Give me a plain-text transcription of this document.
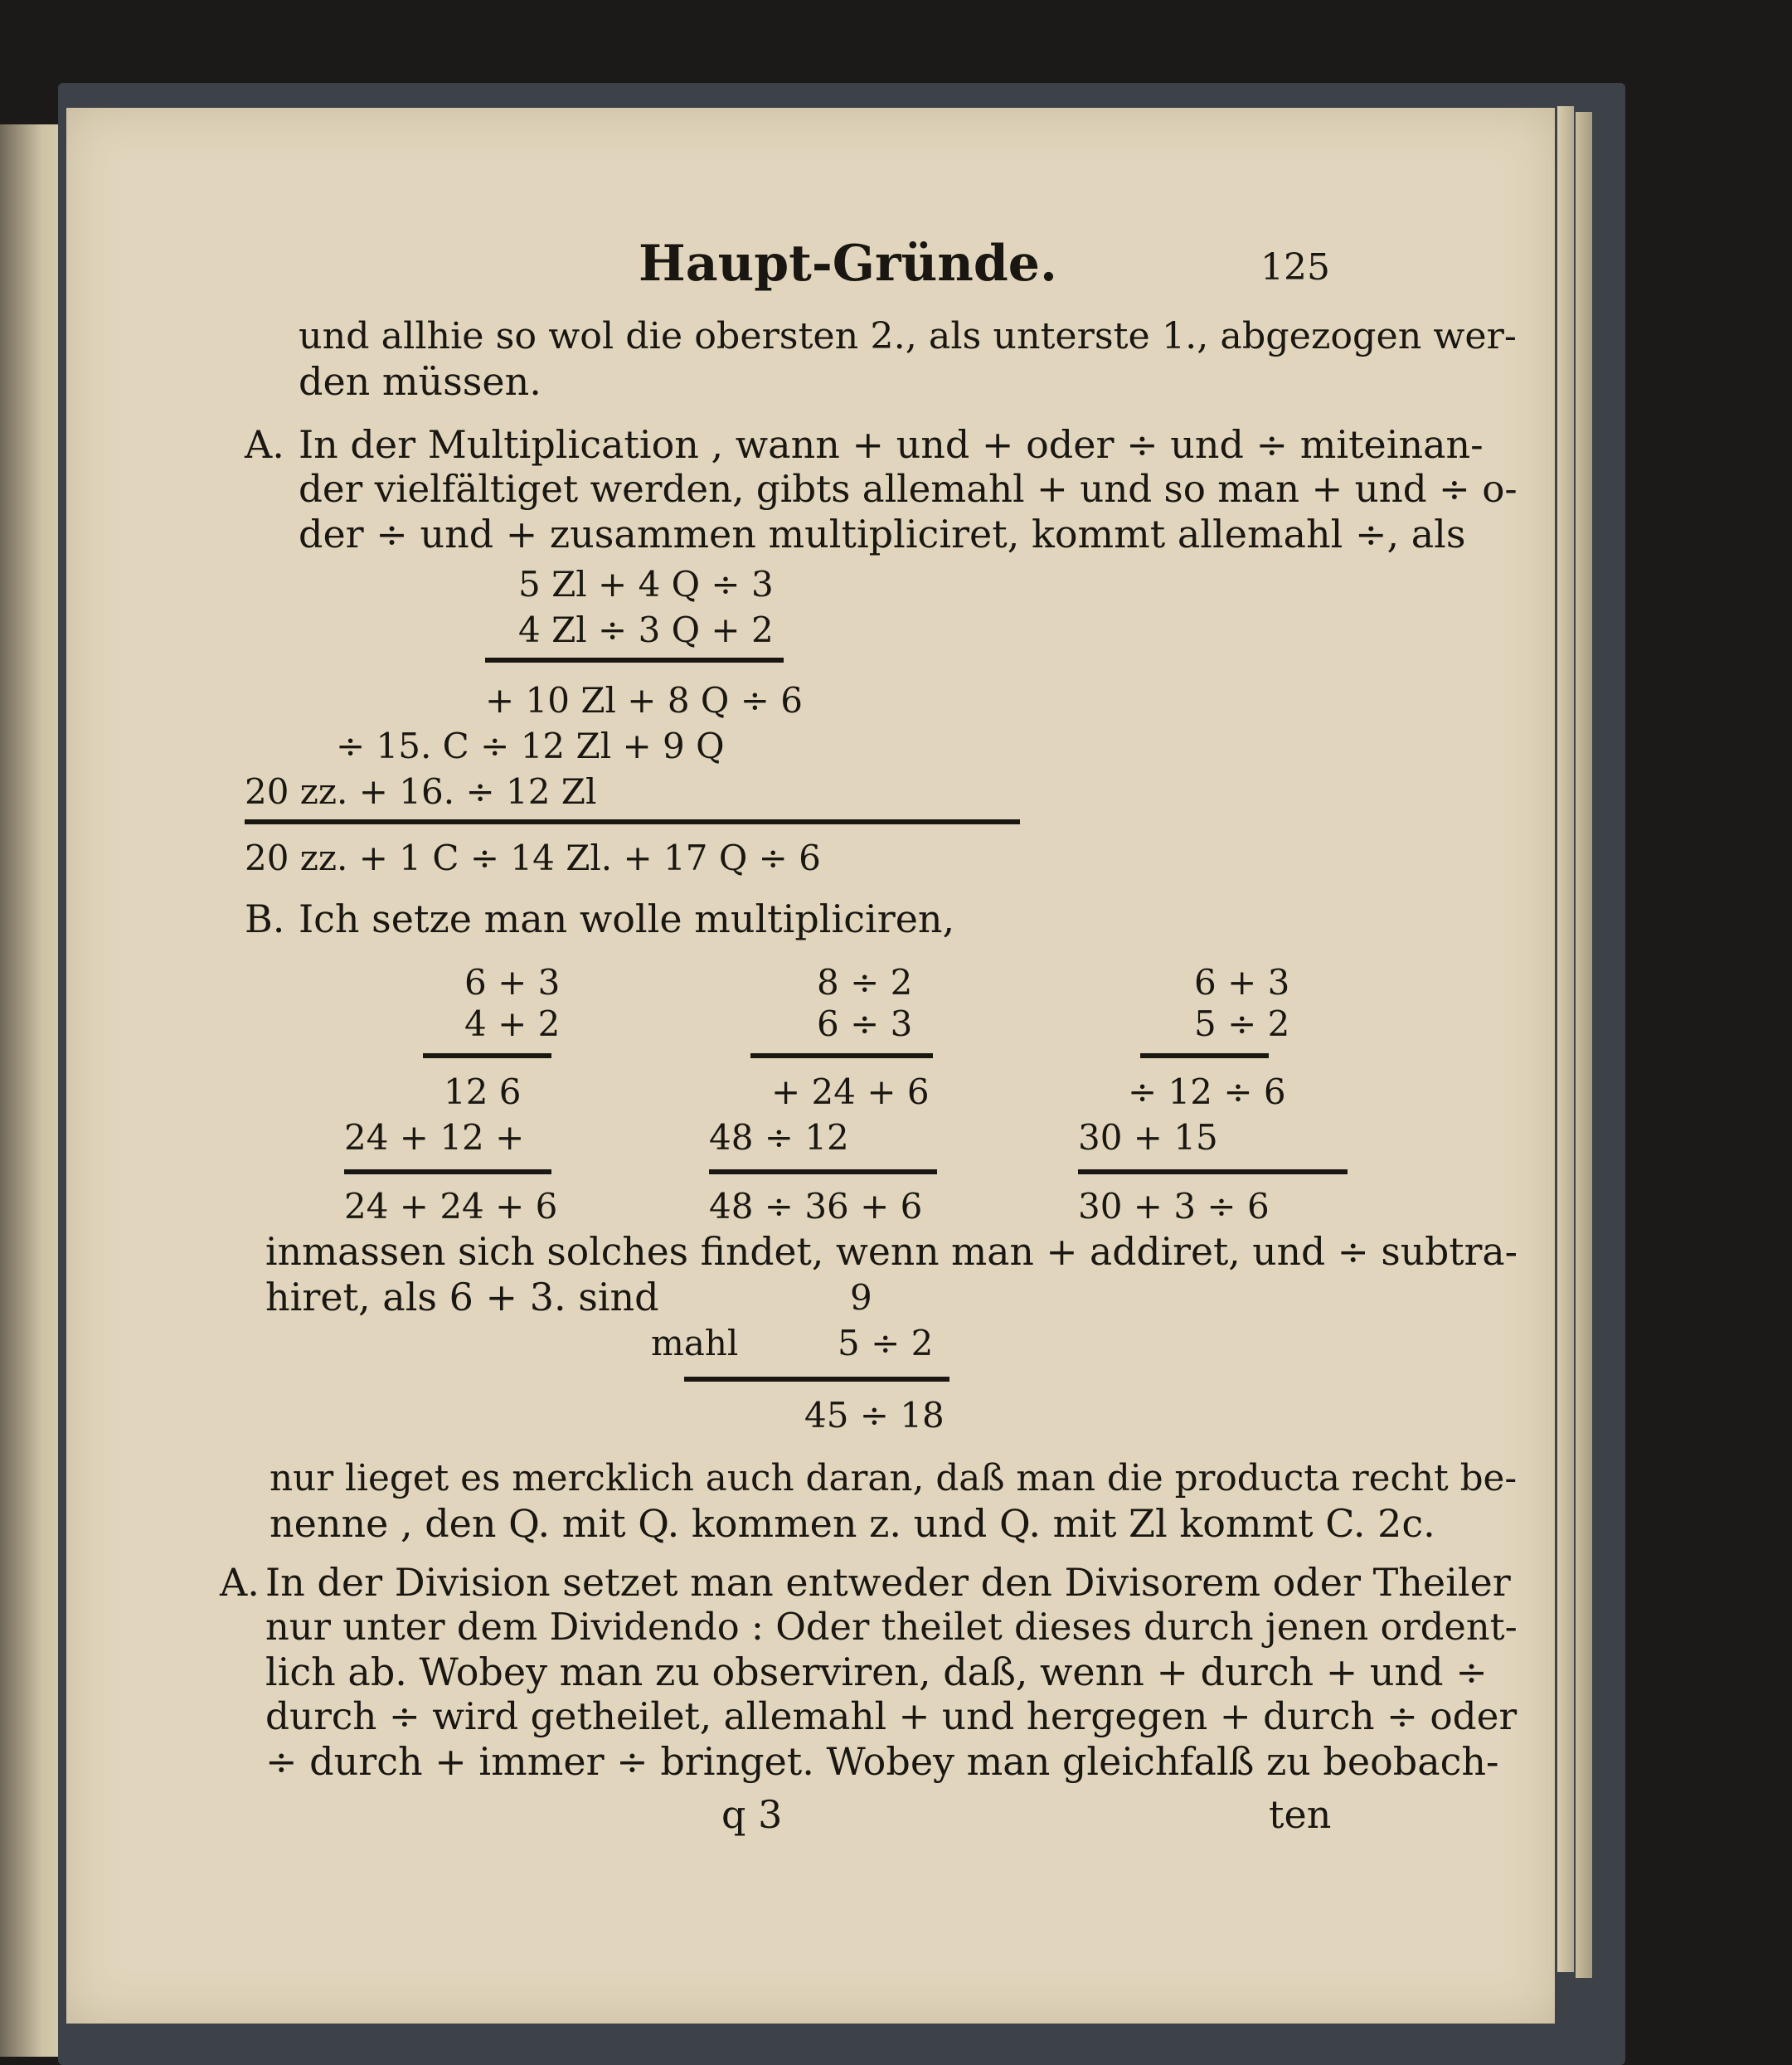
Haupt-Gründe.	125
und allhie so wol die obersten 2., als unterste 1., abgezogen wer-
den müssen.
A. In der Multiplication , wann + und + oder ÷ und ÷ miteinan-
der vielfältiget werden, gibts allemahl + und so man + und ÷ o-
der ÷ und + zusammen multipliciret, kommt allemahl ÷, als
5 Zl + 4 Q ÷ 3
4 Zl ÷ 3 Q + 2
+ 10 Zl + 8 Q ÷ 6
÷ 15. C ÷ 12 Zl + 9 Q
20 zz. + 16. ÷ 12 Zl
20 zz. + 1 C ÷ 14 Zl. + 17 Q ÷ 6
B. Ich setze man wolle multipliciren,
6 + 3
4 + 2
12 6
24 + 12 +
24 + 24 + 6
8 ÷ 2
6 ÷ 3
+ 24 + 6
48 ÷ 12
48 ÷ 36 + 6
6 + 3
5 ÷ 2
÷ 12 ÷ 6
30 + 15
30 + 3 ÷ 6
inmassen sich solches findet, wenn man + addiret, und ÷ subtra-
hiret, als 6 + 3. sind	9
mahl	5 ÷ 2
45 ÷ 18
nur lieget es mercklich auch daran, daß man die producta recht be-
nenne , den Q. mit Q. kommen z. und Q. mit Zl kommt C. 2c.
A. In der Division setzet man entweder den Divisorem oder Theiler
nur unter dem Dividendo : Oder theilet dieses durch jenen ordent-
lich ab. Wobey man zu observiren, daß, wenn + durch + und ÷
durch ÷ wird getheilet, allemahl + und hergegen + durch ÷ oder
÷ durch + immer ÷ bringet. Wobey man gleichfalß zu beobach-
q 3	ten
